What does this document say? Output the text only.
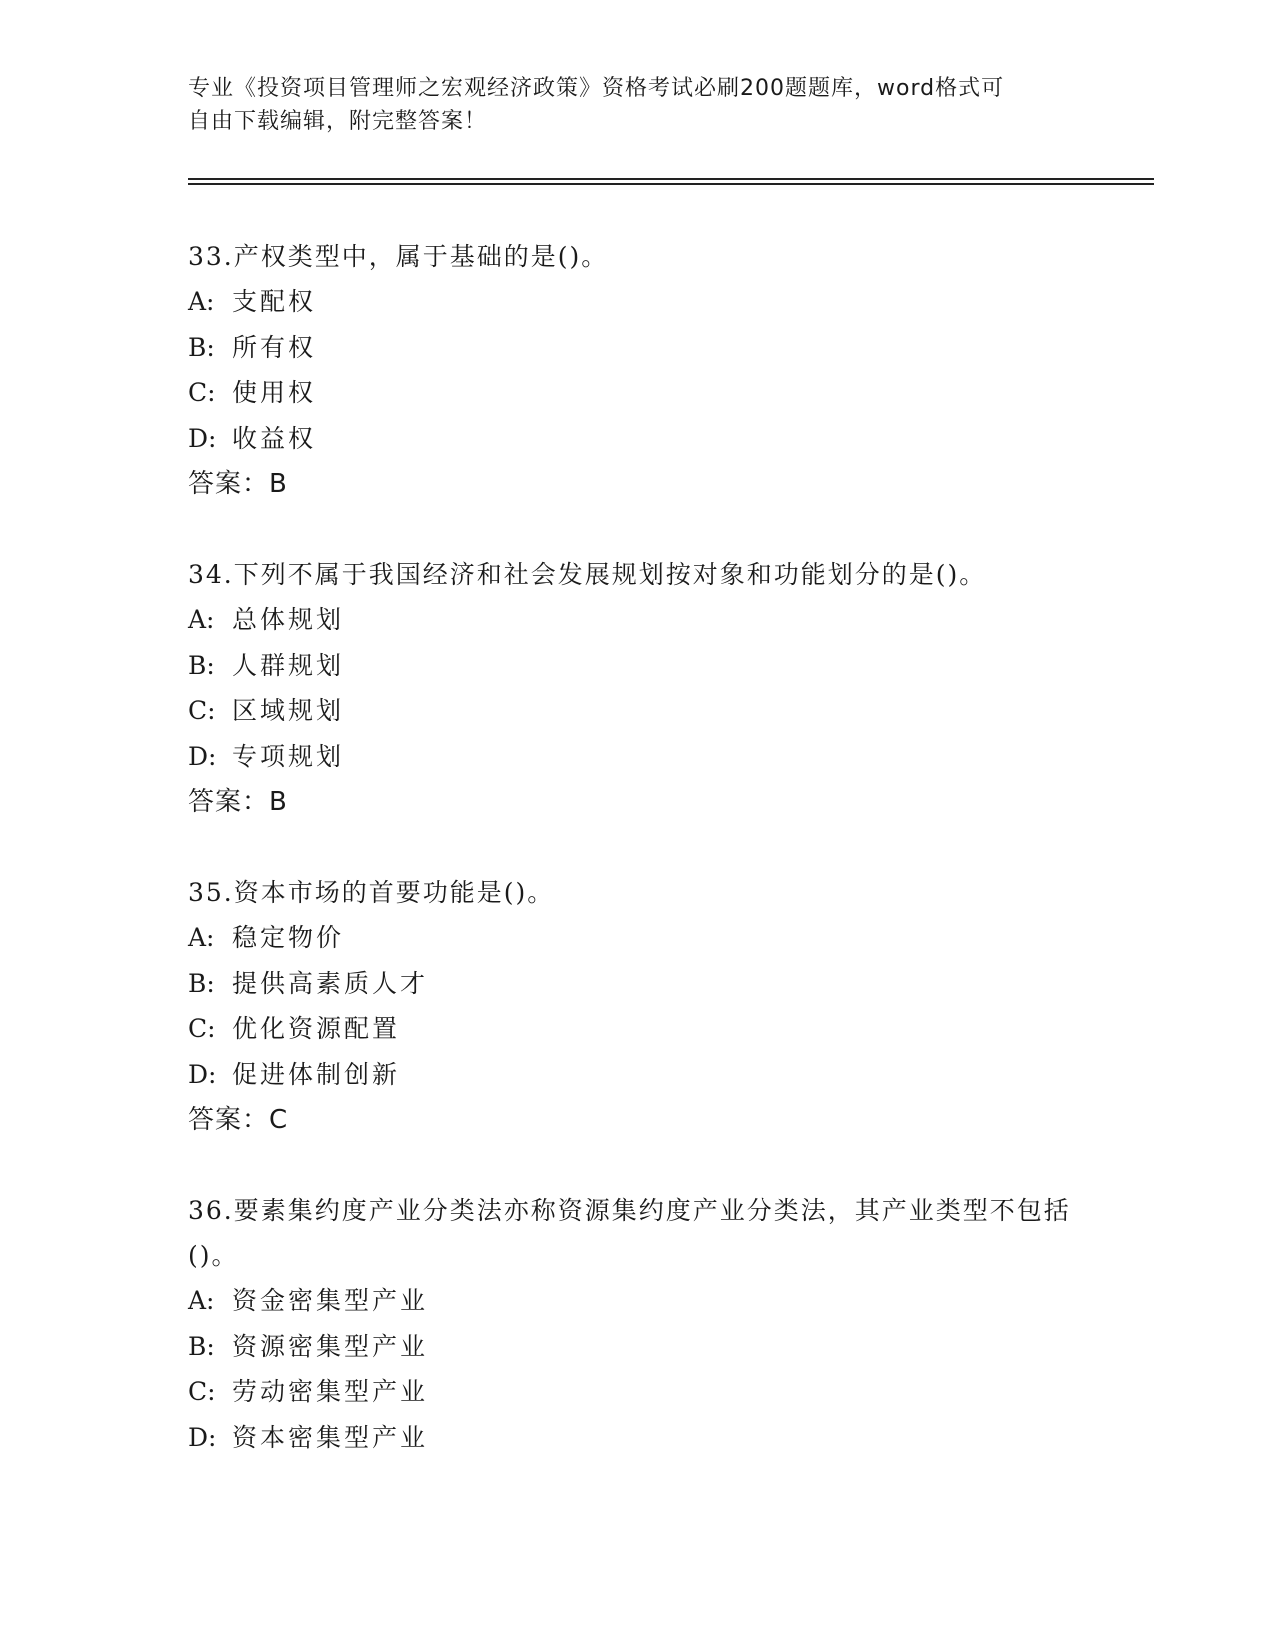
专业《投资项目管理师之宏观经济政策》资格考试必刷200题题库，word格式可
自由下载编辑，附完整答案！

33.产权类型中，属于基础的是()。

A: 支配权

B: 所有权

C: 使用权

D: 收益权

答案：B

34.下列不属于我国经济和社会发展规划按对象和功能划分的是()。

A: 总体规划

B: 人群规划

C: 区域规划

D: 专项规划

答案：B

35.资本市场的首要功能是()。

A: 稳定物价

B: 提供高素质人才

C: 优化资源配置

D: 促进体制创新

答案：C

36.要素集约度产业分类法亦称资源集约度产业分类法，其产业类型不包括()。

A: 资金密集型产业

B: 资源密集型产业

C: 劳动密集型产业

D: 资本密集型产业
